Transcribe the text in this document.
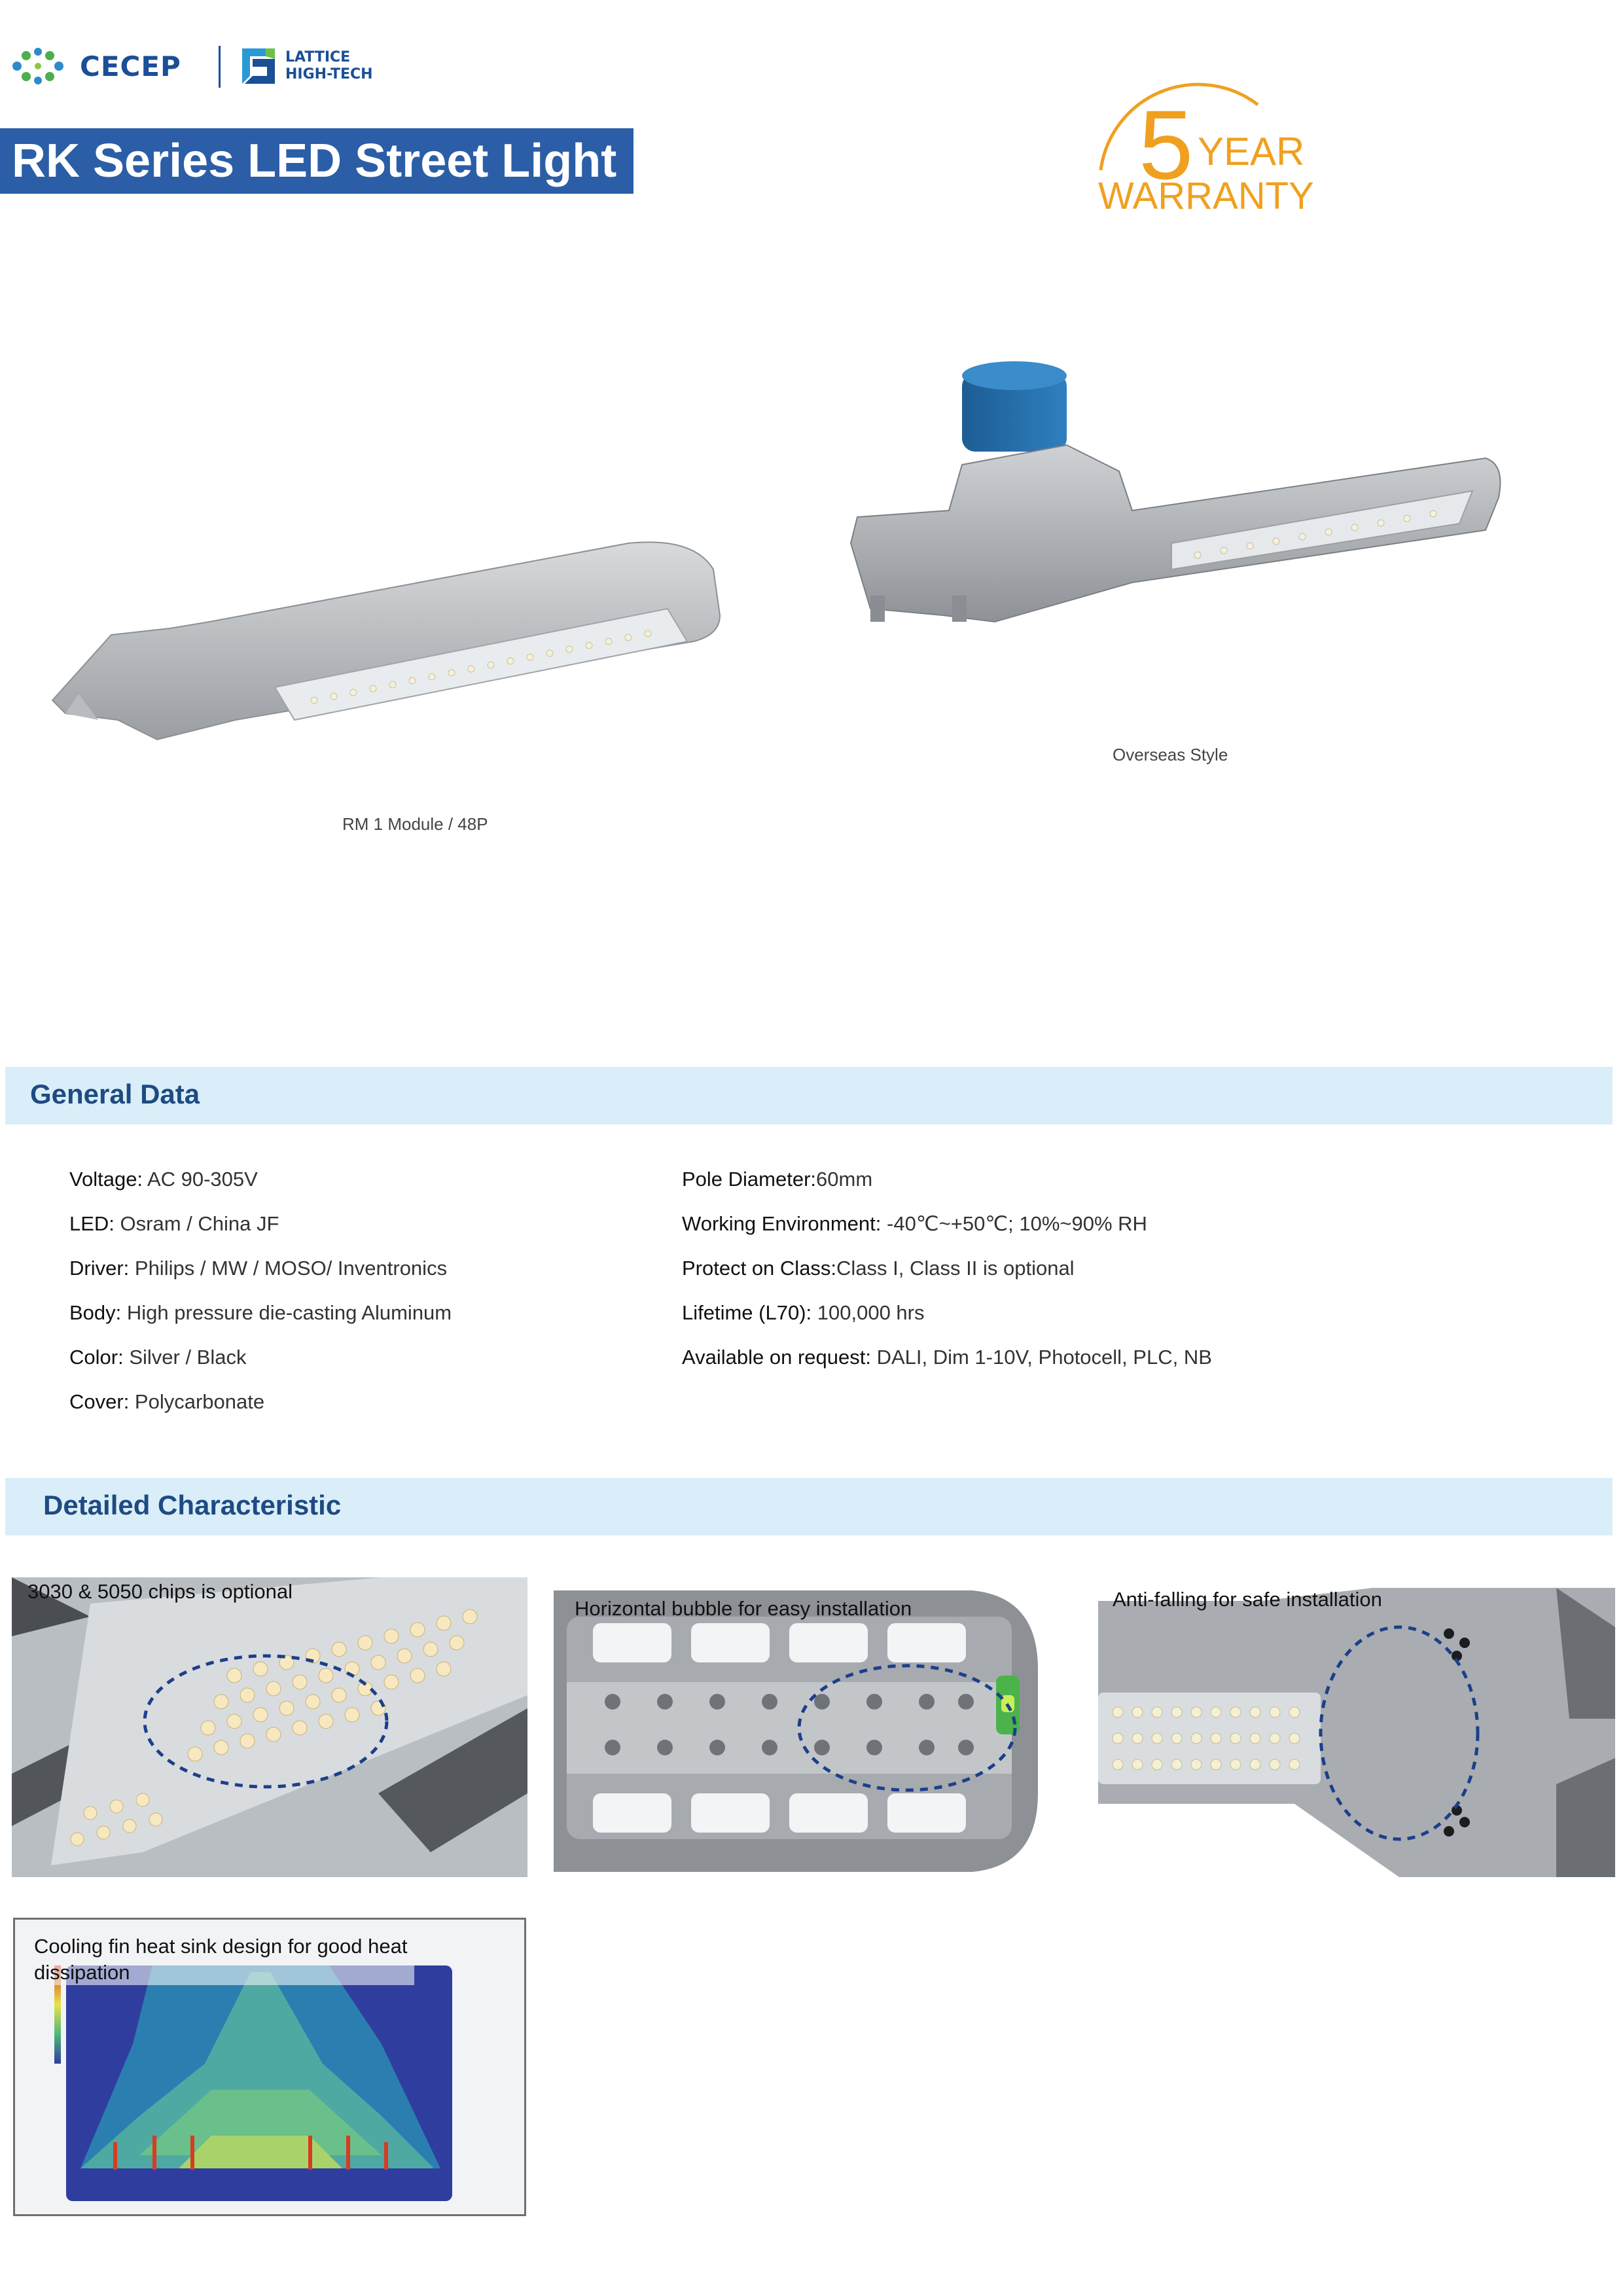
CECEP	LATTICE
HIGH-TECH
RK Series LED Street Light	5 YEAR
WARRANTY
RM 1 Module / 48P
Overseas Style
General Data
Voltage: AC 90-305V
LED: Osram / China JF
Driver: Philips / MW / MOSO/ Inventronics
Body: High pressure die-casting Aluminum
Color: Silver / Black
Cover: Polycarbonate
Pole Diameter:60mm
Working Environment: -40℃~+50℃; 10%~90% RH
Protect on Class:Class I, Class II is optional
Lifetime (L70): 100,000 hrs
Available on request: DALI, Dim 1-10V, Photocell, PLC, NB
Detailed Characteristic
3030 & 5050 chips is optional
Horizontal bubble for easy installation	Anti-falling for safe installation
Cooling fin heat sink design for good heat dissipation
